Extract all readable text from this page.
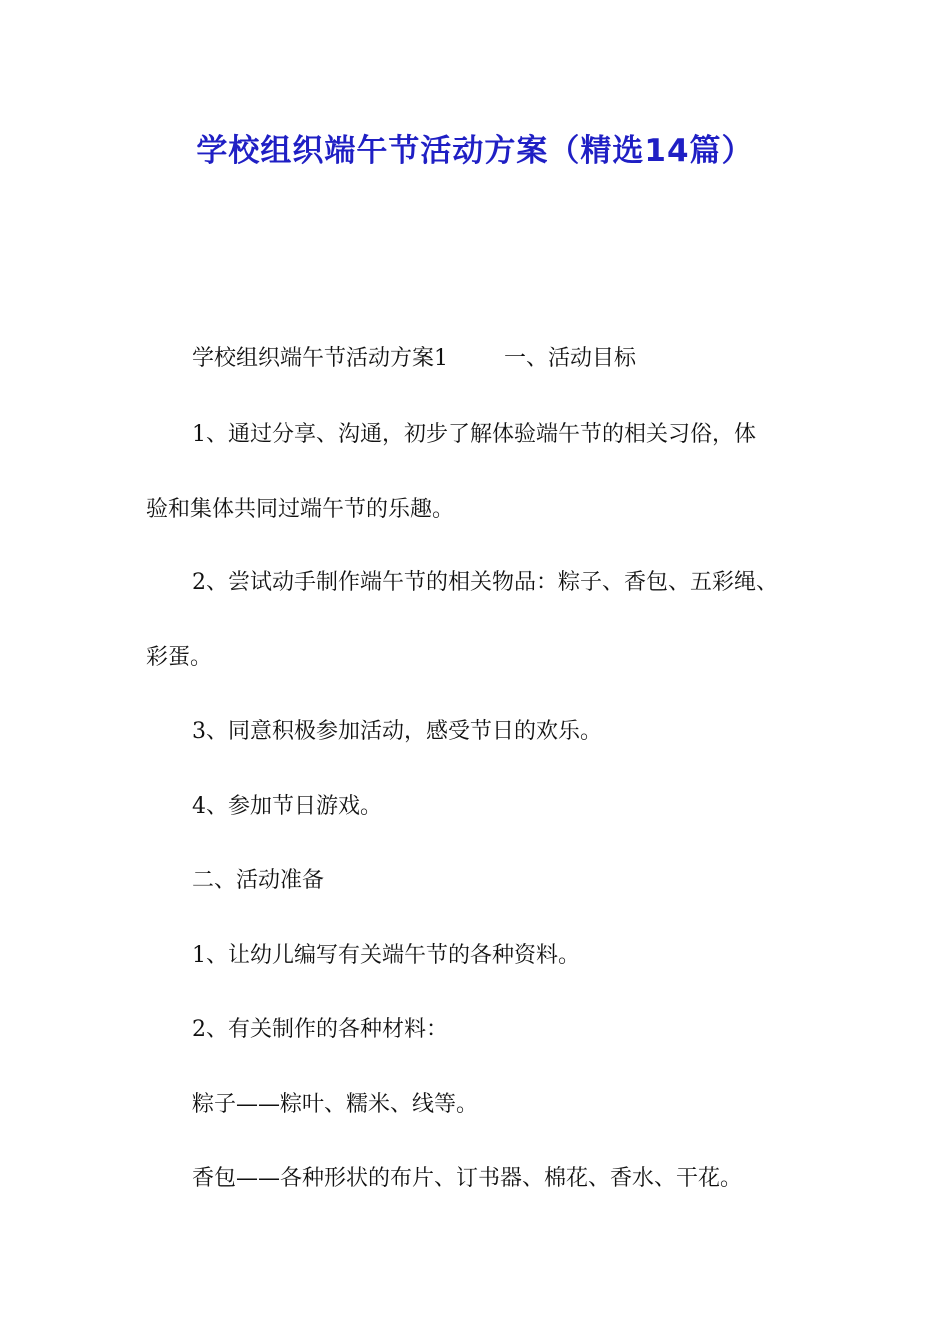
学校组织端午节活动方案（精选14篇）
学校组织端午节活动方案1	一、活动目标
1、通过分享、沟通，初步了解体验端午节的相关习俗，体
验和集体共同过端午节的乐趣。
2、尝试动手制作端午节的相关物品：粽子、香包、五彩绳、
彩蛋。
3、同意积极参加活动，感受节日的欢乐。
4、参加节日游戏。
二、活动准备
1、让幼儿编写有关端午节的各种资料。
2、有关制作的各种材料：
粽子——粽叶、糯米、线等。
香包——各种形状的布片、订书器、棉花、香水、干花。
